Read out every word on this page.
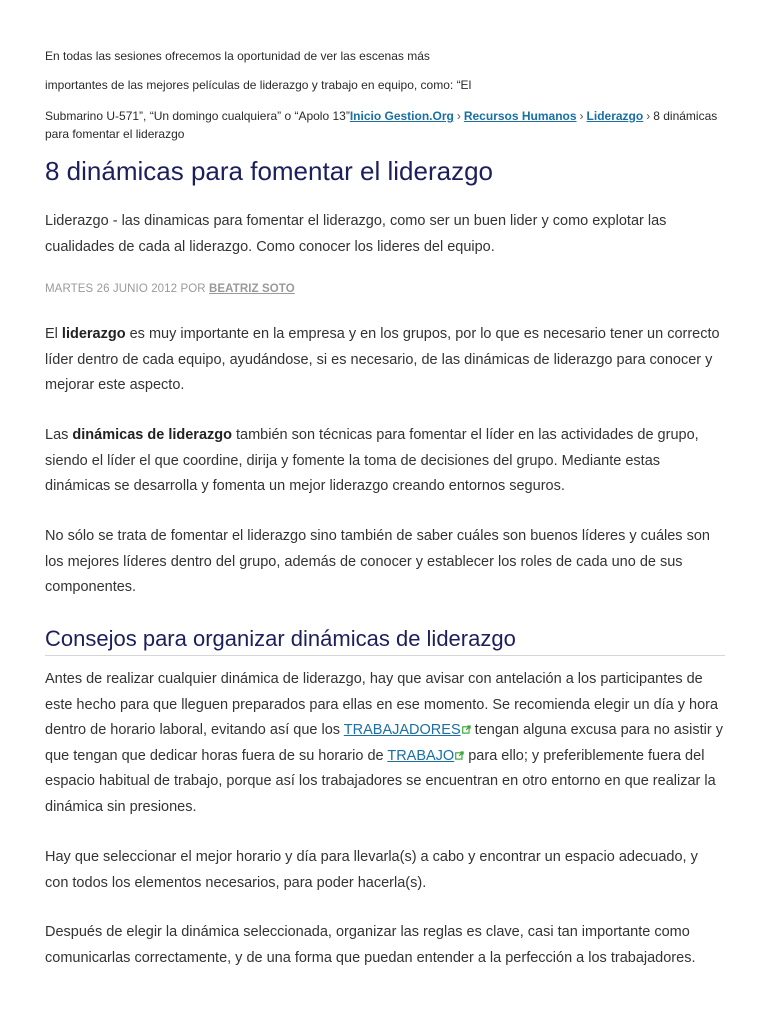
En todas las sesiones ofrecemos la oportunidad de ver las escenas más
importantes de las mejores películas de liderazgo y trabajo en equipo, como: “El
Submarino U-571”, “Un domingo cualquiera” o “Apolo 13”Inicio Gestion.Org › Recursos Humanos › Liderazgo › 8 dinámicas para fomentar el liderazgo
8 dinámicas para fomentar el liderazgo

Liderazgo - las dinamicas para fomentar el liderazgo, como ser un buen lider y como explotar las cualidades de cada al liderazgo. Como conocer los lideres del equipo.

MARTES 26 JUNIO 2012 POR BEATRIZ SOTO

El liderazgo es muy importante en la empresa y en los grupos, por lo que es necesario tener un correcto líder dentro de cada equipo, ayudándose, si es necesario, de las dinámicas de liderazgo para conocer y mejorar este aspecto.

Las dinámicas de liderazgo también son técnicas para fomentar el líder en las actividades de grupo, siendo el líder el que coordine, dirija y fomente la toma de decisiones del grupo. Mediante estas dinámicas se desarrolla y fomenta un mejor liderazgo creando entornos seguros.

No sólo se trata de fomentar el liderazgo sino también de saber cuáles son buenos líderes y cuáles son los mejores líderes dentro del grupo, además de conocer y establecer los roles de cada uno de sus componentes.

Consejos para organizar dinámicas de liderazgo

Antes de realizar cualquier dinámica de liderazgo, hay que avisar con antelación a los participantes de este hecho para que lleguen preparados para ellas en ese momento. Se recomienda elegir un día y hora dentro de horario laboral, evitando así que los TRABAJADORES tengan alguna excusa para no asistir y que tengan que dedicar horas fuera de su horario de TRABAJO para ello; y preferiblemente fuera del espacio habitual de trabajo, porque así los trabajadores se encuentran en otro entorno en que realizar la dinámica sin presiones.

Hay que seleccionar el mejor horario y día para llevarla(s) a cabo y encontrar un espacio adecuado, y con todos los elementos necesarios, para poder hacerla(s).

Después de elegir la dinámica seleccionada, organizar las reglas es clave, casi tan importante como comunicarlas correctamente, y de una forma que puedan entender a la perfección a los trabajadores.
